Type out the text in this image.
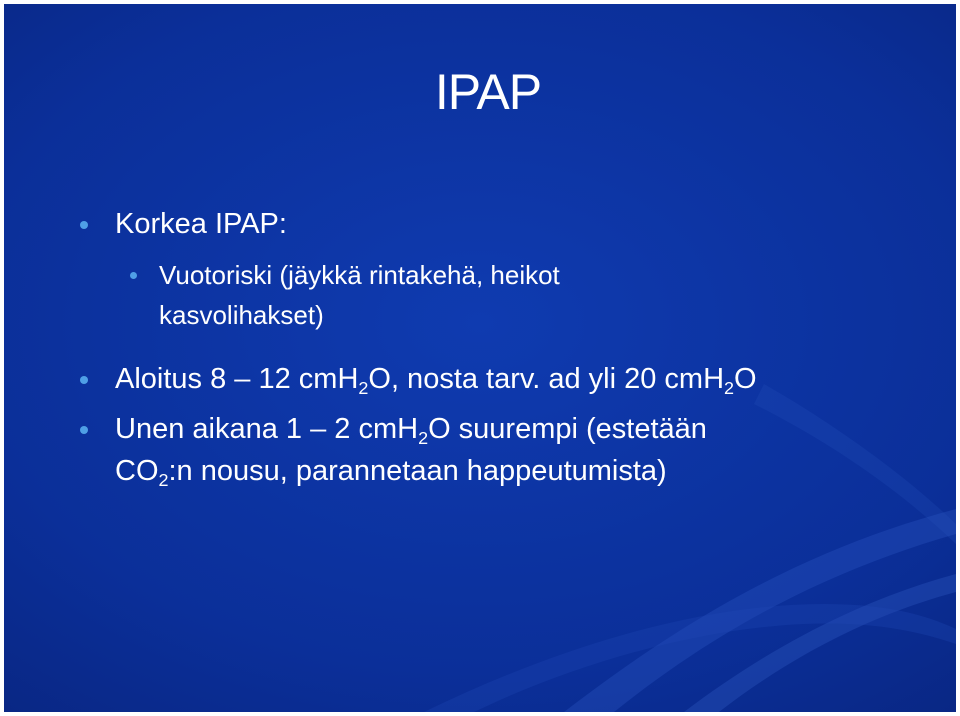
IPAP
Korkea IPAP:
Vuotoriski (jäykkä rintakehä, heikot
kasvolihakset)
Aloitus 8 – 12 cmH$_2$O, nosta tarv. ad yli 20 cmH$_2$O
Unen aikana 1 – 2 cmH$_2$O suurempi (estetään
$CO_2:n$ nousu, parannetaan happeutumista)
